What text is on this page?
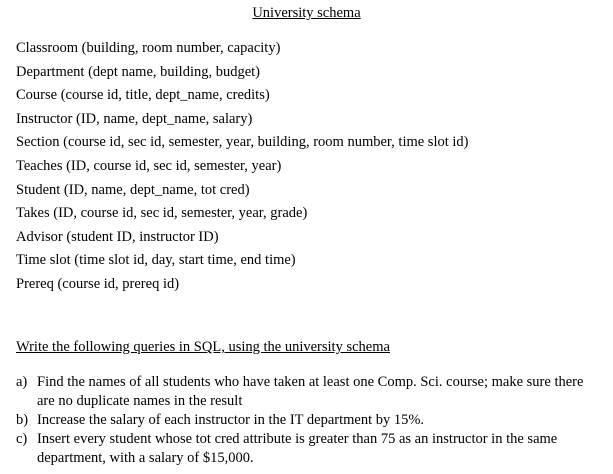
University schema
Classroom (building, room number, capacity)
Department (dept name, building, budget)
Course (course id, title, dept_name, credits)
Instructor (ID, name, dept_name, salary)
Section (course id, sec id, semester, year, building, room number, time slot id)
Teaches (ID, course id, sec id, semester, year)
Student (ID, name, dept_name, tot cred)
Takes (ID, course id, sec id, semester, year, grade)
Advisor (student ID, instructor ID)
Time slot (time slot id, day, start time, end time)
Prereq (course id, prereq id)
Write the following queries in SQL, using the university schema
a) Find the names of all students who have taken at least one Comp. Sci. course; make sure there are no duplicate names in the result
b) Increase the salary of each instructor in the IT department by 15%.
c) Insert every student whose tot cred attribute is greater than 75 as an instructor in the same department, with a salary of $15,000.
